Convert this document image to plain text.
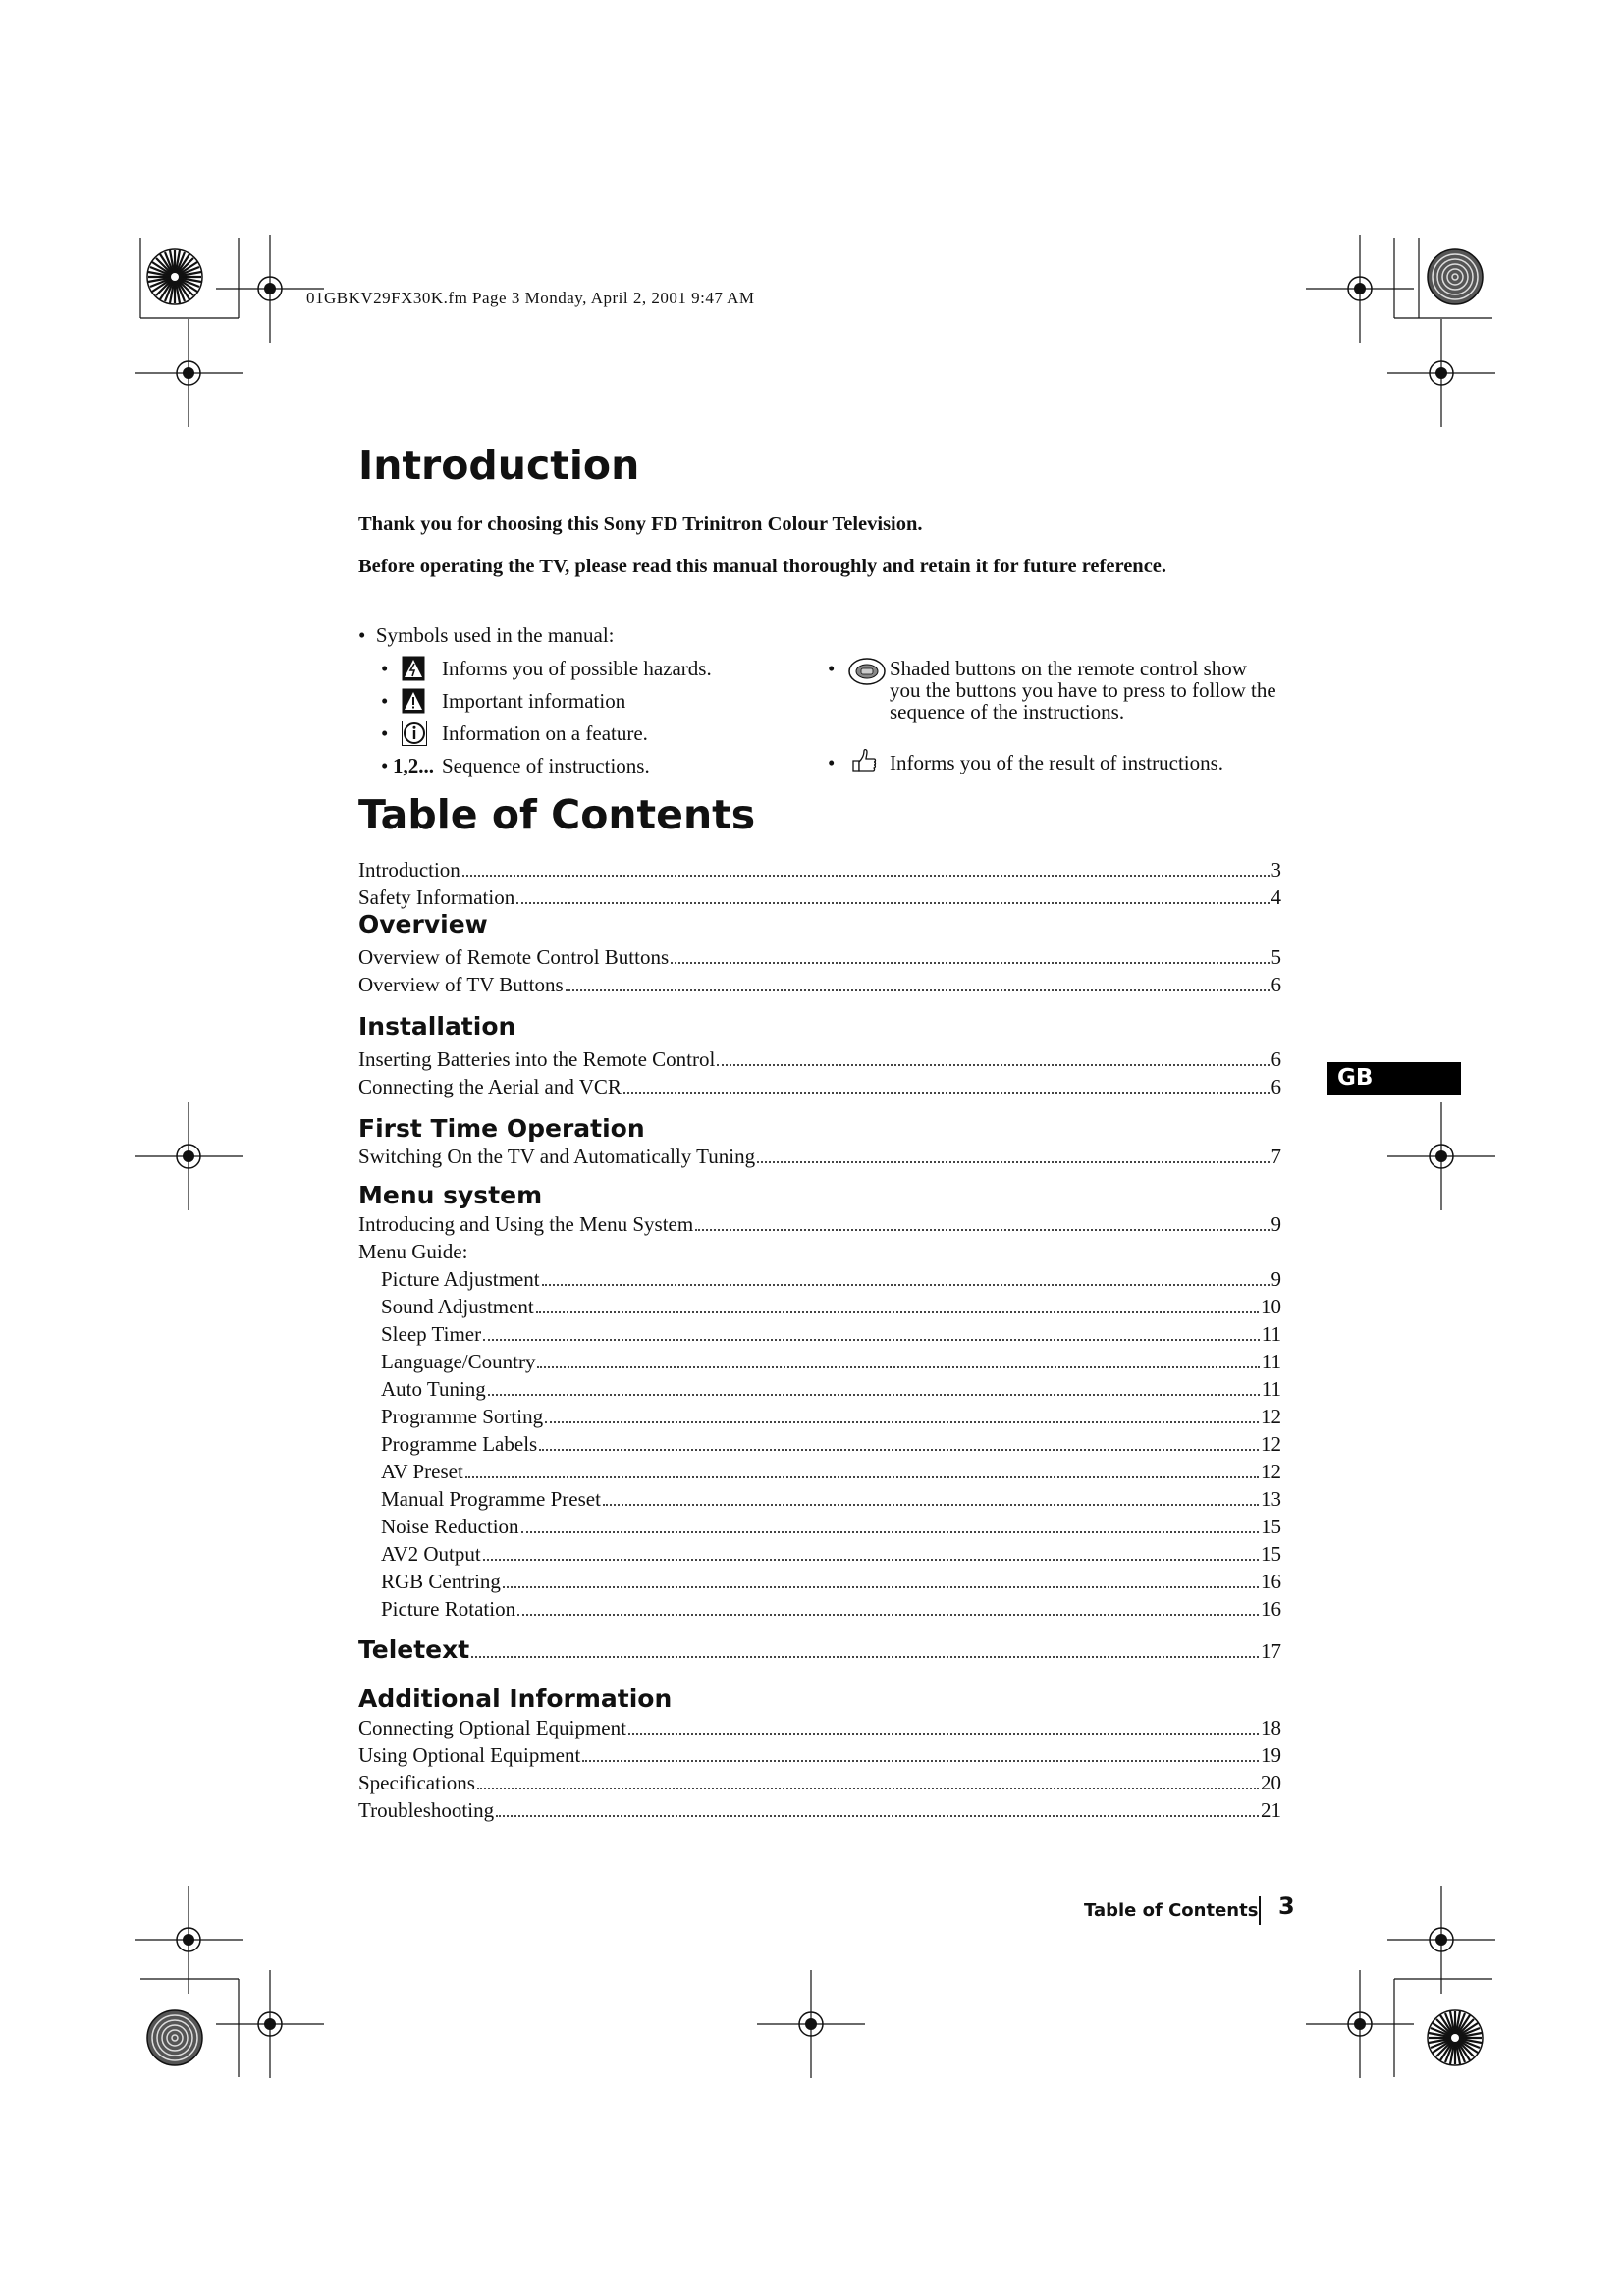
01GBKV29FX30K.fm Page 3 Monday, April 2, 2001 9:47 AM
Introduction
Thank you for choosing this Sony FD Trinitron Colour Television.
Before operating the TV, please read this manual thoroughly and retain it for future reference.
•  Symbols used in the manual:
•	Informs you of possible hazards.
•	Important information
•	Information on a feature.
• 1,2... Sequence of instructions.
•	Shaded buttons on the remote control show you the buttons you have to press to follow the sequence of the instructions.
•	Informs you of the result of instructions.
Table of Contents
Introduction	3
Safety Information	4
Overview
Overview of Remote Control Buttons	5
Overview of TV Buttons	6
Installation
Inserting Batteries into the Remote Control	6
Connecting the Aerial and VCR	6
First Time Operation
Switching On the TV and Automatically Tuning	7
Menu system
Introducing and Using the Menu System	9
Menu Guide:
Picture Adjustment	9
Sound Adjustment	10
Sleep Timer	11
Language/Country	11
Auto Tuning	11
Programme Sorting	12
Programme Labels	12
AV Preset	12
Manual Programme Preset	13
Noise Reduction	15
AV2 Output	15
RGB Centring	16
Picture Rotation	16
Teletext	17
Additional Information
Connecting Optional Equipment	18
Using Optional Equipment	19
Specifications	20
Troubleshooting	21
GB
Table of Contents 3
